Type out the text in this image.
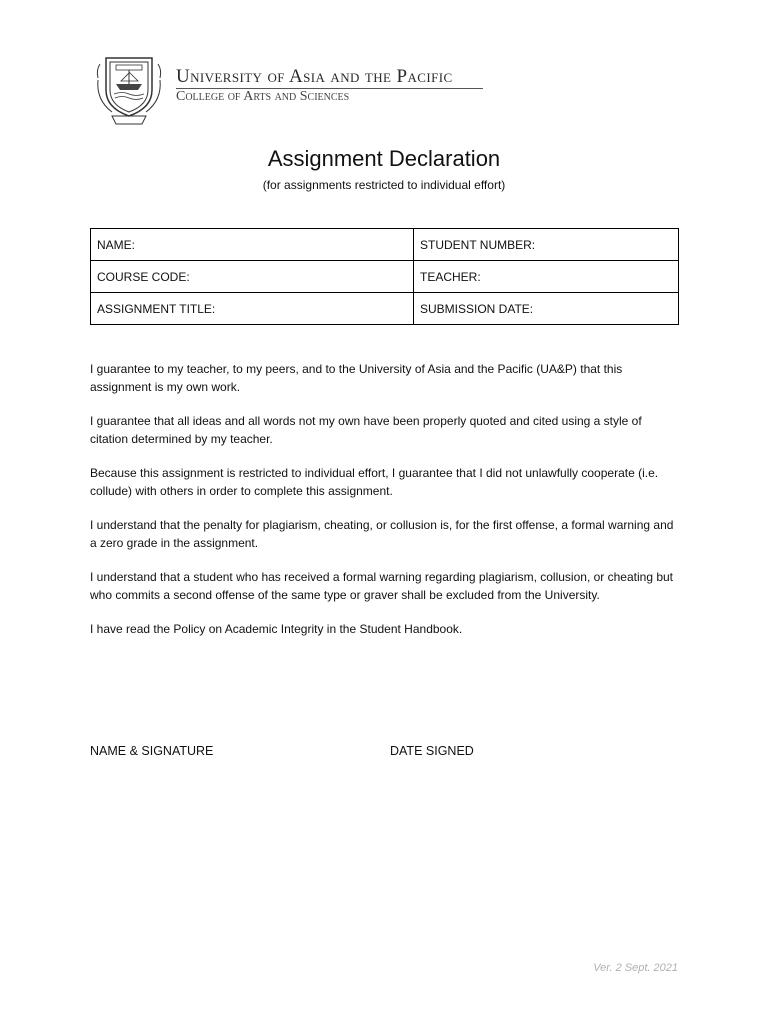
University of Asia and the Pacific
College of Arts and Sciences
Assignment Declaration
(for assignments restricted to individual effort)
NAME:	STUDENT NUMBER:
COURSE CODE:	TEACHER:
ASSIGNMENT TITLE:	SUBMISSION DATE:

I guarantee to my teacher, to my peers, and to the University of Asia and the Pacific (UA&P) that this assignment is my own work.

I guarantee that all ideas and all words not my own have been properly quoted and cited using a style of citation determined by my teacher.

Because this assignment is restricted to individual effort, I guarantee that I did not unlawfully cooperate (i.e. collude) with others in order to complete this assignment.

I understand that the penalty for plagiarism, cheating, or collusion is, for the first offense, a formal warning and a zero grade in the assignment.

I understand that a student who has received a formal warning regarding plagiarism, collusion, or cheating but who commits a second offense of the same type or graver shall be excluded from the University.

I have read the Policy on Academic Integrity in the Student Handbook.

NAME & SIGNATURE	DATE SIGNED
Ver. 2 Sept. 2021
